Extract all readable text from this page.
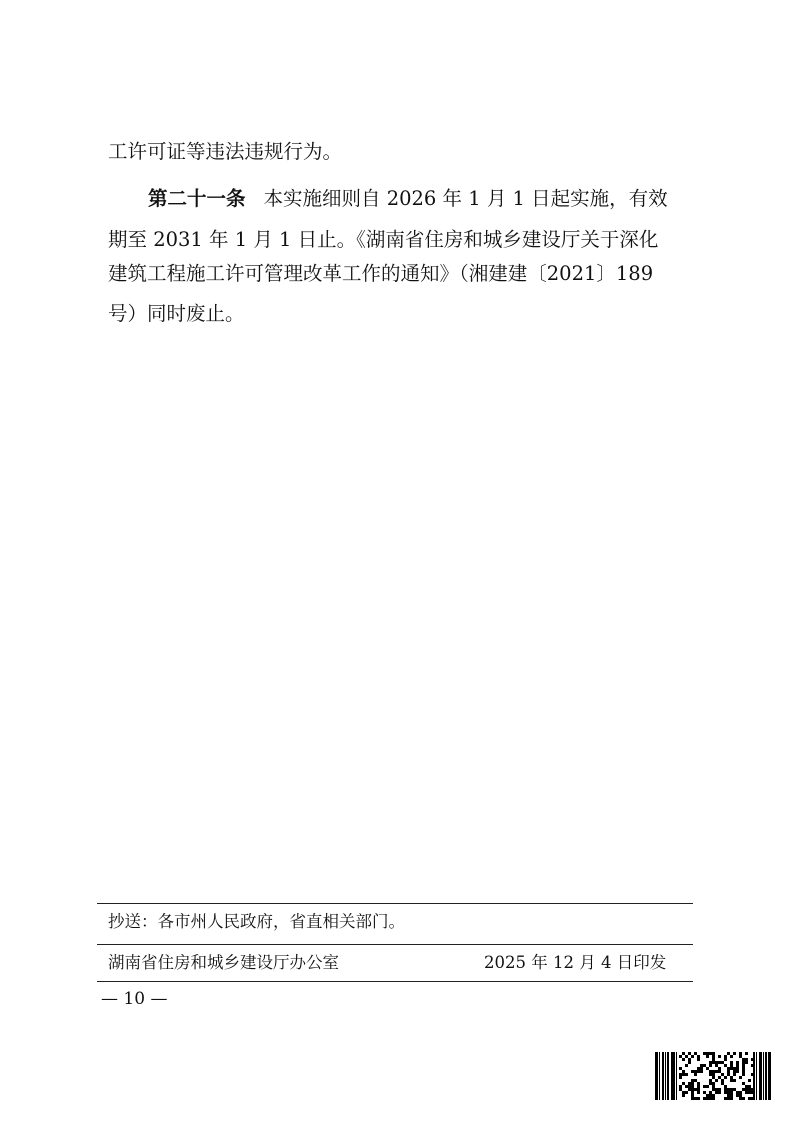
工许可证等违法违规行为。

第二十一条 本实施细则自 2026 年 1 月 1 日起实施，有效

期至 2031 年 1 月 1 日止。《湖南省住房和城乡建设厅关于深化

建筑工程施工许可管理改革工作的通知》（湘建建〔2021〕189

号）同时废止。

抄送：各市州人民政府，省直相关部门。

湖南省住房和城乡建设厅办公室	2025 年 12 月 4 日印发

— 10 —
